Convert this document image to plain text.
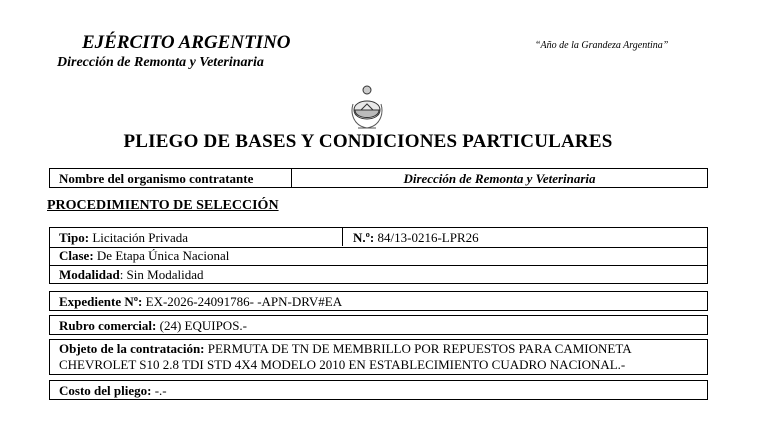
EJÉRCITO ARGENTINO
Dirección de Remonta y Veterinaria
“Año de la Grandeza Argentina”
PLIEGO DE BASES Y CONDICIONES PARTICULARES
Nombre del organismo contratante	Dirección de Remonta y Veterinaria
PROCEDIMIENTO DE SELECCIÓN
Tipo: Licitación Privada	N.º: 84/13-0216-LPR26
Clase: De Etapa Única Nacional
Modalidad: Sin Modalidad
Expediente Nº: EX-2026-24091786- -APN-DRV#EA
Rubro comercial: (24) EQUIPOS.-
Objeto de la contratación: PERMUTA DE TN DE MEMBRILLO POR REPUESTOS PARA CAMIONETA CHEVROLET S10 2.8 TDI STD 4X4 MODELO 2010 EN ESTABLECIMIENTO CUADRO NACIONAL.-
Costo del pliego: -.-
